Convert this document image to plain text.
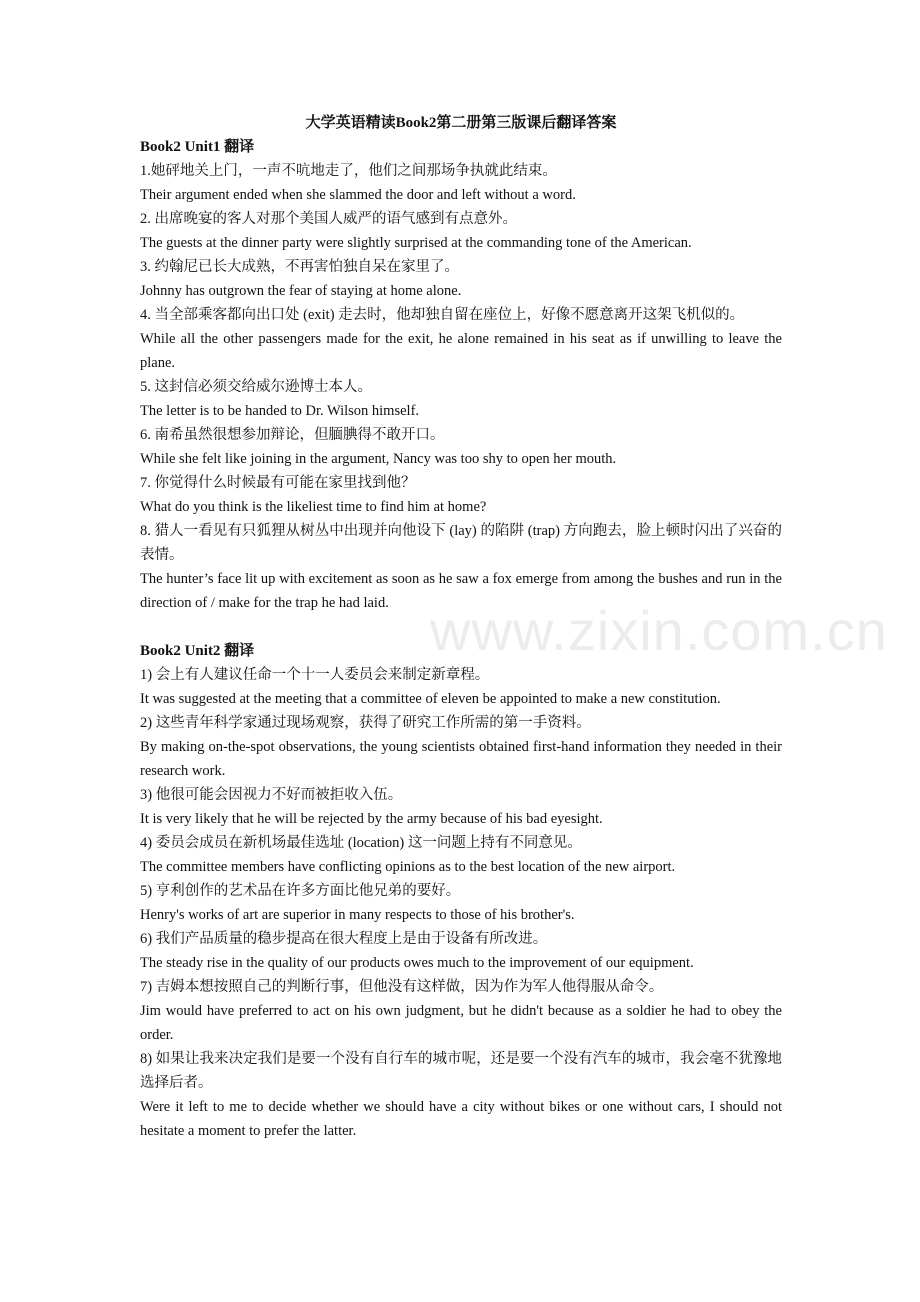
www.zixin.com.cn

大学英语精读Book2第二册第三版课后翻译答案

Book2 Unit1 翻译

1.她砰地关上门，一声不吭地走了，他们之间那场争执就此结束。

Their argument ended when she slammed the door and left without a word.

2. 出席晚宴的客人对那个美国人威严的语气感到有点意外。

The guests at the dinner party were slightly surprised at the commanding tone of the American.

3. 约翰尼已长大成熟，不再害怕独自呆在家里了。

Johnny has outgrown the fear of staying at home alone.

4. 当全部乘客都向出口处 (exit) 走去时，他却独自留在座位上，好像不愿意离开这架飞机似的。

While all the other passengers made for the exit, he alone remained in his seat as if unwilling to leave the plane.

5. 这封信必须交给威尔逊博士本人。

The letter is to be handed to Dr. Wilson himself.

6. 南希虽然很想参加辩论，但腼腆得不敢开口。

While she felt like joining in the argument, Nancy was too shy to open her mouth.

7. 你觉得什么时候最有可能在家里找到他？

What do you think is the likeliest time to find him at home?

8. 猎人一看见有只狐狸从树丛中出现并向他设下 (lay) 的陷阱 (trap) 方向跑去，脸上顿时闪出了兴奋的表情。

The hunter’s face lit up with excitement as soon as he saw a fox emerge from among the bushes and run in the direction of / make for the trap he had laid.

Book2 Unit2 翻译

1) 会上有人建议任命一个十一人委员会来制定新章程。

It was suggested at the meeting that a committee of eleven be appointed to make a new constitution.

2) 这些青年科学家通过现场观察，获得了研究工作所需的第一手资料。

By making on-the-spot observations, the young scientists obtained first-hand information they needed in their research work.

3) 他很可能会因视力不好而被拒收入伍。

It is very likely that he will be rejected by the army because of his bad eyesight.

4) 委员会成员在新机场最佳选址 (location) 这一问题上持有不同意见。

The committee members have conflicting opinions as to the best location of the new airport.

5) 亨利创作的艺术品在许多方面比他兄弟的要好。

Henry's works of art are superior in many respects to those of his brother's.

6) 我们产品质量的稳步提高在很大程度上是由于设备有所改进。

The steady rise in the quality of our products owes much to the improvement of our equipment.

7) 吉姆本想按照自己的判断行事，但他没有这样做，因为作为军人他得服从命令。

Jim would have preferred to act on his own judgment, but he didn't because as a soldier he had to obey the order.

8) 如果让我来决定我们是要一个没有自行车的城市呢，还是要一个没有汽车的城市，我会毫不犹豫地选择后者。

Were it left to me to decide whether we should have a city without bikes or one without cars, I should not hesitate a moment to prefer the latter.
